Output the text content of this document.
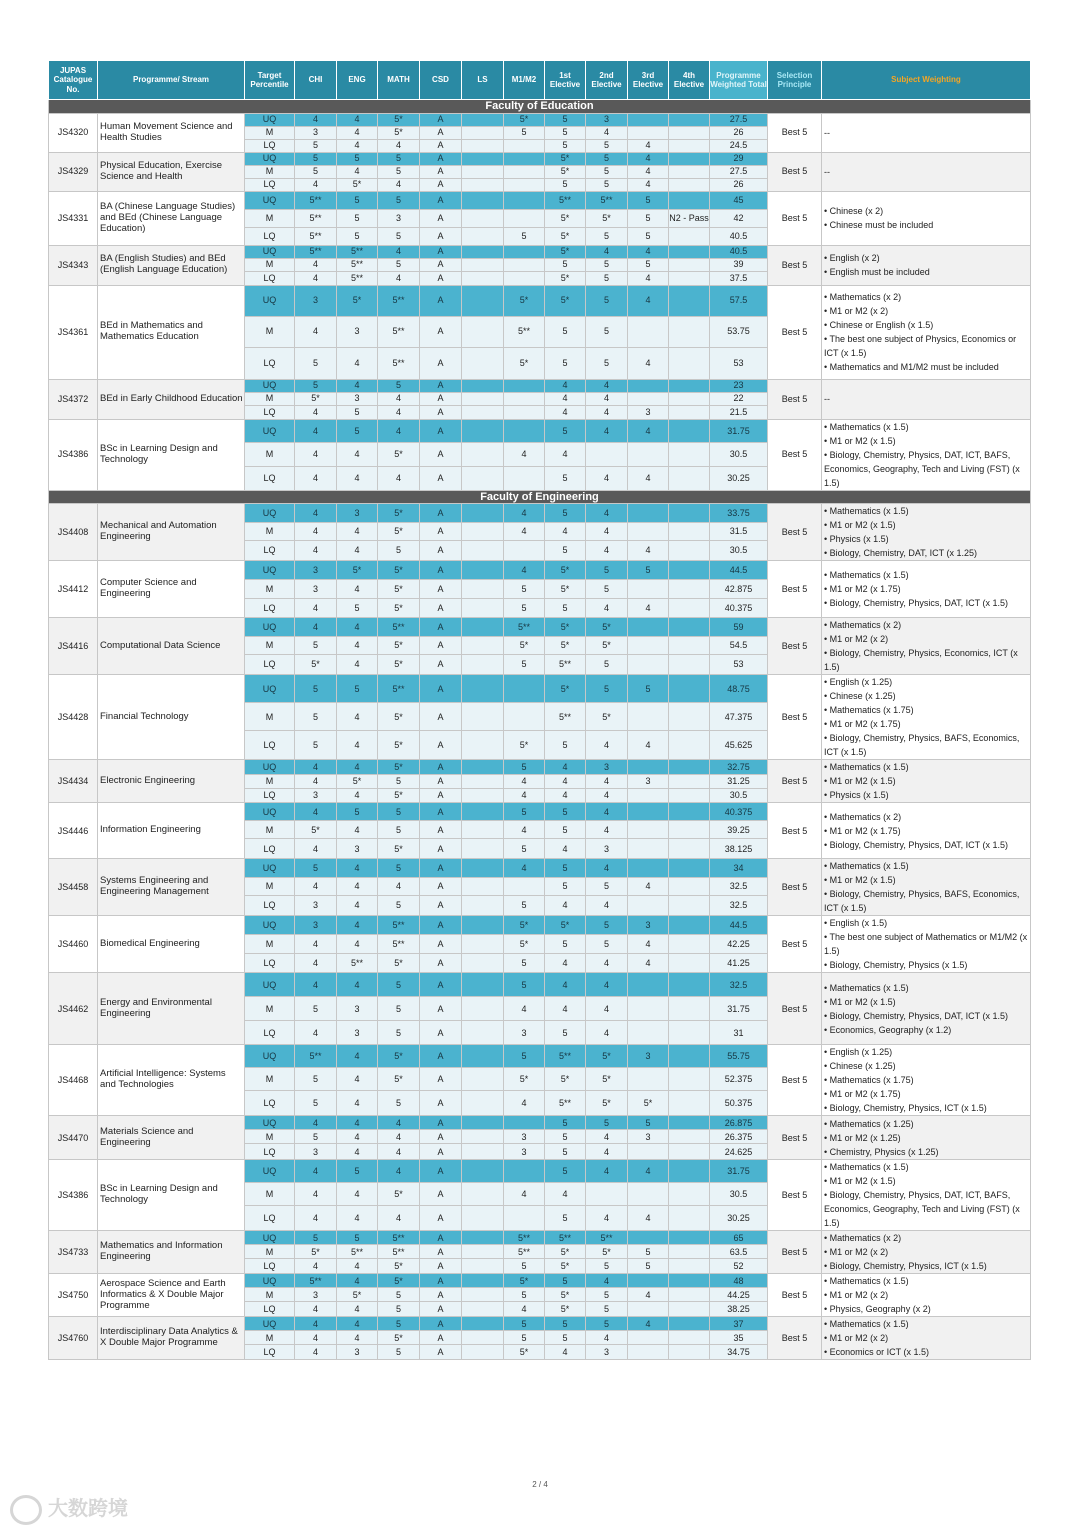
JUPAS Catalogue No.	Programme/ Stream	Target Percentile	CHI	ENG	MATH	CSD	LS	M1/M2	1st Elective	2nd Elective	3rd Elective	4th Elective	Programme Weighted Total	Selection Principle	Subject Weighting
Faculty of Education															
JS4320	Human Movement Science and Health Studies	UQ	4	4	5*	A		5*	5	3			27.5	Best 5	--

		M	3	4	5*	A		5	5	4			26		
		LQ	5	4	4	A			5	5	4		24.5		
JS4329	Physical Education, Exercise Science and Health	UQ	5	5	5	A			5*	5	4		29	Best 5	--

		M	5	4	5	A			5*	5	4		27.5		
		LQ	4	5*	4	A			5	5	4		26		
JS4331	BA (Chinese Language Studies) and BEd (Chinese Language Education)	UQ	5**	5	5	A			5**	5**	5		45	Best 5	• Chinese (x 2)
• Chinese must be included

		M	5**	5	3	A			5*	5*	5	N2 - Pass	42		
		LQ	5**	5	5	A		5	5*	5	5		40.5		
JS4343	BA (English Studies) and BEd (English Language Education)	UQ	5**	5**	4	A			5*	4	4		40.5	Best 5	• English (x 2)
• English must be included

		M	4	5**	5	A			5	5	5		39		
		LQ	4	5**	4	A			5*	5	4		37.5		
JS4361	BEd in Mathematics and Mathematics Education	UQ	3	5*	5**	A		5*	5*	5	4		57.5	Best 5	• Mathematics (x 2)
• M1 or M2 (x 2)
• Chinese or English (x 1.5)
• The best one subject of Physics, Economics or ICT (x 1.5)
• Mathematics and M1/M2 must be included

		M	4	3	5**	A		5**	5	5			53.75		
		LQ	5	4	5**	A		5*	5	5	4		53		
JS4372	BEd in Early Childhood Education	UQ	5	4	5	A			4	4			23	Best 5	--

		M	5*	3	4	A			4	4			22		
		LQ	4	5	4	A			4	4	3		21.5		
JS4386	BSc in Learning Design and Technology	UQ	4	5	4	A			5	4	4		31.75	Best 5	• Mathematics (x 1.5)
• M1 or M2 (x 1.5)
• Biology, Chemistry, Physics, DAT, ICT, BAFS, Economics, Geography, Tech and Living (FST) (x 1.5)

		M	4	4	5*	A		4	4				30.5		
		LQ	4	4	4	A			5	4	4		30.25		
Faculty of Engineering															
JS4408	Mechanical and Automation Engineering	UQ	4	3	5*	A		4	5	4			33.75	Best 5	• Mathematics (x 1.5)
• M1 or M2 (x 1.5)
• Physics (x 1.5)
• Biology, Chemistry, DAT, ICT (x 1.25)

		M	4	4	5*	A		4	4	4			31.5		
		LQ	4	4	5	A			5	4	4		30.5		
JS4412	Computer Science and Engineering	UQ	3	5*	5*	A		4	5*	5	5		44.5	Best 5	• Mathematics (x 1.5)
• M1 or M2 (x 1.75)
• Biology, Chemistry, Physics, DAT, ICT (x 1.5)

		M	3	4	5*	A		5	5*	5			42.875		
		LQ	4	5	5*	A		5	5	4	4		40.375		
JS4416	Computational Data Science	UQ	4	4	5**	A		5**	5*	5*			59	Best 5	• Mathematics (x 2)
• M1 or M2 (x 2)
• Biology, Chemistry, Physics, Economics, ICT (x 1.5)

		M	5	4	5*	A		5*	5*	5*			54.5		
		LQ	5*	4	5*	A		5	5**	5			53		
JS4428	Financial Technology	UQ	5	5	5**	A			5*	5	5		48.75	Best 5	• English (x 1.25)
• Chinese (x 1.25)
• Mathematics (x 1.75)
• M1 or M2 (x 1.75)
• Biology, Chemistry, Physics, BAFS, Economics, ICT (x 1.5)

		M	5	4	5*	A			5**	5*			47.375		
		LQ	5	4	5*	A		5*	5	4	4		45.625		
JS4434	Electronic Engineering	UQ	4	4	5*	A		5	4	3			32.75	Best 5	• Mathematics (x 1.5)
• M1 or M2 (x 1.5)
• Physics (x 1.5)

		M	4	5*	5	A		4	4	4	3		31.25		
		LQ	3	4	5*	A		4	4	4			30.5		
JS4446	Information Engineering	UQ	4	5	5	A		5	5	4			40.375	Best 5	• Mathematics (x 2)
• M1 or M2 (x 1.75)
• Biology, Chemistry, Physics, DAT, ICT (x 1.5)

		M	5*	4	5	A		4	5	4			39.25		
		LQ	4	3	5*	A		5	4	3			38.125		
JS4458	Systems Engineering and Engineering Management	UQ	5	4	5	A		4	5	4			34	Best 5	• Mathematics (x 1.5)
• M1 or M2 (x 1.5)
• Biology, Chemistry, Physics, BAFS, Economics, ICT (x 1.5)

		M	4	4	4	A			5	5	4		32.5		
		LQ	3	4	5	A		5	4	4			32.5		
JS4460	Biomedical Engineering	UQ	3	4	5**	A		5*	5*	5	3		44.5	Best 5	• English (x 1.5)
• The best one subject of Mathematics or M1/M2 (x 1.5)
• Biology, Chemistry, Physics (x 1.5)

		M	4	4	5**	A		5*	5	5	4		42.25		
		LQ	4	5**	5*	A		5	4	4	4		41.25		
JS4462	Energy and Environmental Engineering	UQ	4	4	5	A		5	4	4			32.5	Best 5	• Mathematics (x 1.5)
• M1 or M2 (x 1.5)
• Biology, Chemistry, Physics, DAT, ICT (x 1.5)
• Economics, Geography (x 1.2)

		M	5	3	5	A		4	4	4			31.75		
		LQ	4	3	5	A		3	5	4			31		
JS4468	Artificial Intelligence: Systems and Technologies	UQ	5**	4	5*	A		5	5**	5*	3		55.75	Best 5	• English (x 1.25)
• Chinese (x 1.25)
• Mathematics (x 1.75)
• M1 or M2 (x 1.75)
• Biology, Chemistry, Physics, ICT (x 1.5)

		M	5	4	5*	A		5*	5*	5*			52.375		
		LQ	5	4	5	A		4	5**	5*	5*		50.375		
JS4470	Materials Science and Engineering	UQ	4	4	4	A			5	5	5		26.875	Best 5	• Mathematics (x 1.25)
• M1 or M2 (x 1.25)
• Chemistry, Physics (x 1.25)

		M	5	4	4	A		3	5	4	3		26.375		
		LQ	3	4	4	A		3	5	4			24.625		
JS4386	BSc in Learning Design and Technology	UQ	4	5	4	A			5	4	4		31.75	Best 5	• Mathematics (x 1.5)
• M1 or M2 (x 1.5)
• Biology, Chemistry, Physics, DAT, ICT, BAFS, Economics, Geography, Tech and Living (FST) (x 1.5)

		M	4	4	5*	A		4	4				30.5		
		LQ	4	4	4	A			5	4	4		30.25		
JS4733	Mathematics and Information Engineering	UQ	5	5	5**	A		5**	5**	5**			65	Best 5	• Mathematics (x 2)
• M1 or M2 (x 2)
• Biology, Chemistry, Physics, ICT (x 1.5)

		M	5*	5**	5**	A		5**	5*	5*	5		63.5		
		LQ	4	4	5*	A		5	5*	5	5		52		
JS4750	Aerospace Science and Earth Informatics & X Double Major Programme	UQ	5**	4	5*	A		5*	5	4			48	Best 5	• Mathematics (x 1.5)
• M1 or M2 (x 2)
• Physics, Geography (x 2)

		M	3	5*	5	A		5	5*	5	4		44.25		
		LQ	4	4	5	A		4	5*	5			38.25		
JS4760	Interdisciplinary Data Analytics & X Double Major Programme	UQ	4	4	5	A		5	5	5	4		37	Best 5	• Mathematics (x 1.5)
• M1 or M2 (x 2)
• Economics or ICT (x 1.5)

		M	4	4	5*	A		5	5	4			35		
		LQ	4	3	5	A		5*	4	3			34.75		
2 / 4
大数跨境
